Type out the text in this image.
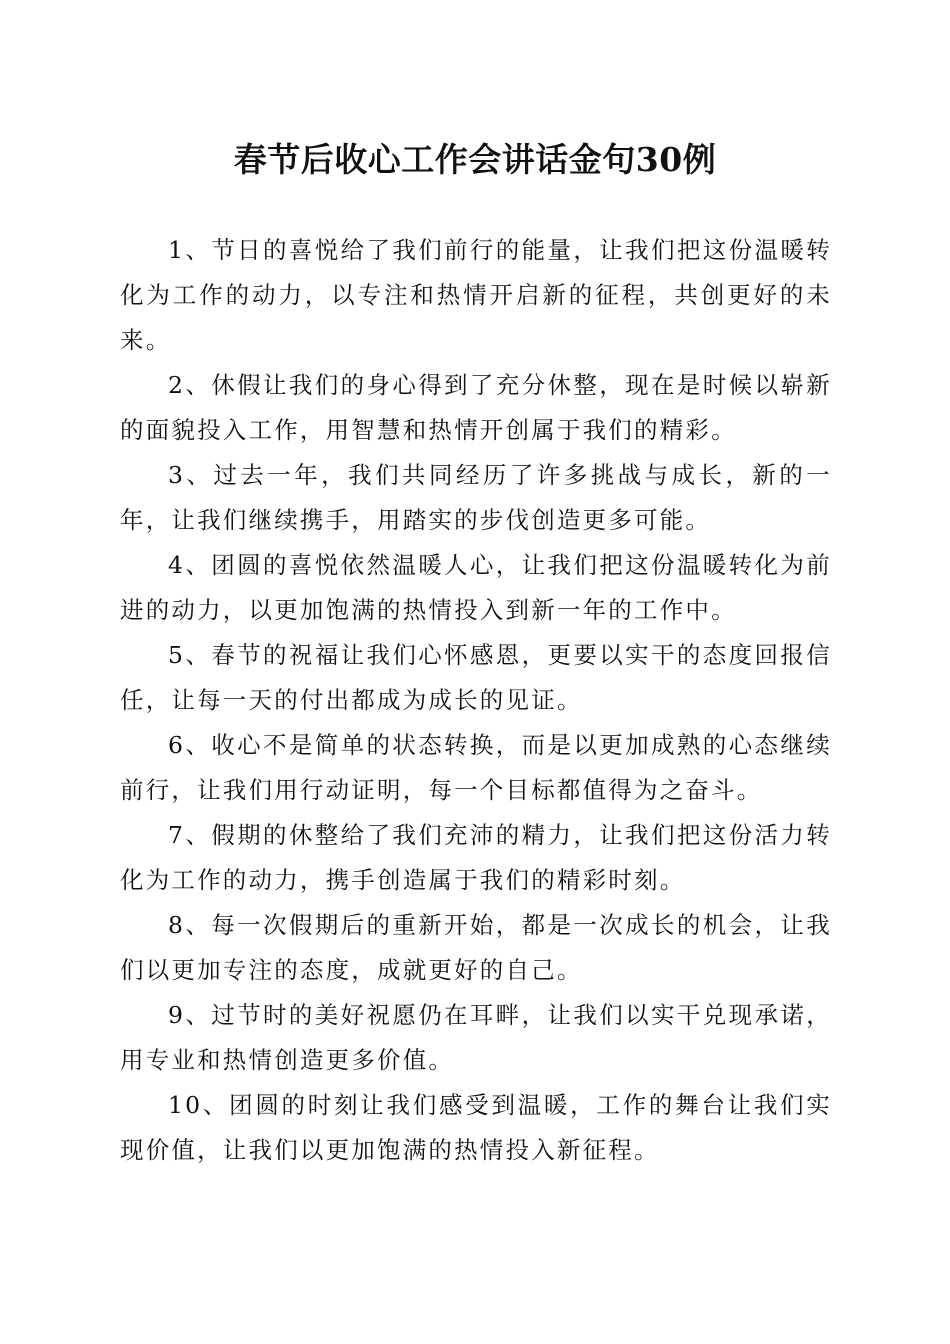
春节后收心工作会讲话金句30例

1、节日的喜悦给了我们前行的能量，让我们把这份温暖转化为工作的动力，以专注和热情开启新的征程，共创更好的未来。

2、休假让我们的身心得到了充分休整，现在是时候以崭新的面貌投入工作，用智慧和热情开创属于我们的精彩。

3、过去一年，我们共同经历了许多挑战与成长，新的一年，让我们继续携手，用踏实的步伐创造更多可能。

4、团圆的喜悦依然温暖人心，让我们把这份温暖转化为前进的动力，以更加饱满的热情投入到新一年的工作中。

5、春节的祝福让我们心怀感恩，更要以实干的态度回报信任，让每一天的付出都成为成长的见证。

6、收心不是简单的状态转换，而是以更加成熟的心态继续前行，让我们用行动证明，每一个目标都值得为之奋斗。

7、假期的休整给了我们充沛的精力，让我们把这份活力转化为工作的动力，携手创造属于我们的精彩时刻。

8、每一次假期后的重新开始，都是一次成长的机会，让我们以更加专注的态度，成就更好的自己。

9、过节时的美好祝愿仍在耳畔，让我们以实干兑现承诺，用专业和热情创造更多价值。

10、团圆的时刻让我们感受到温暖，工作的舞台让我们实现价值，让我们以更加饱满的热情投入新征程。
